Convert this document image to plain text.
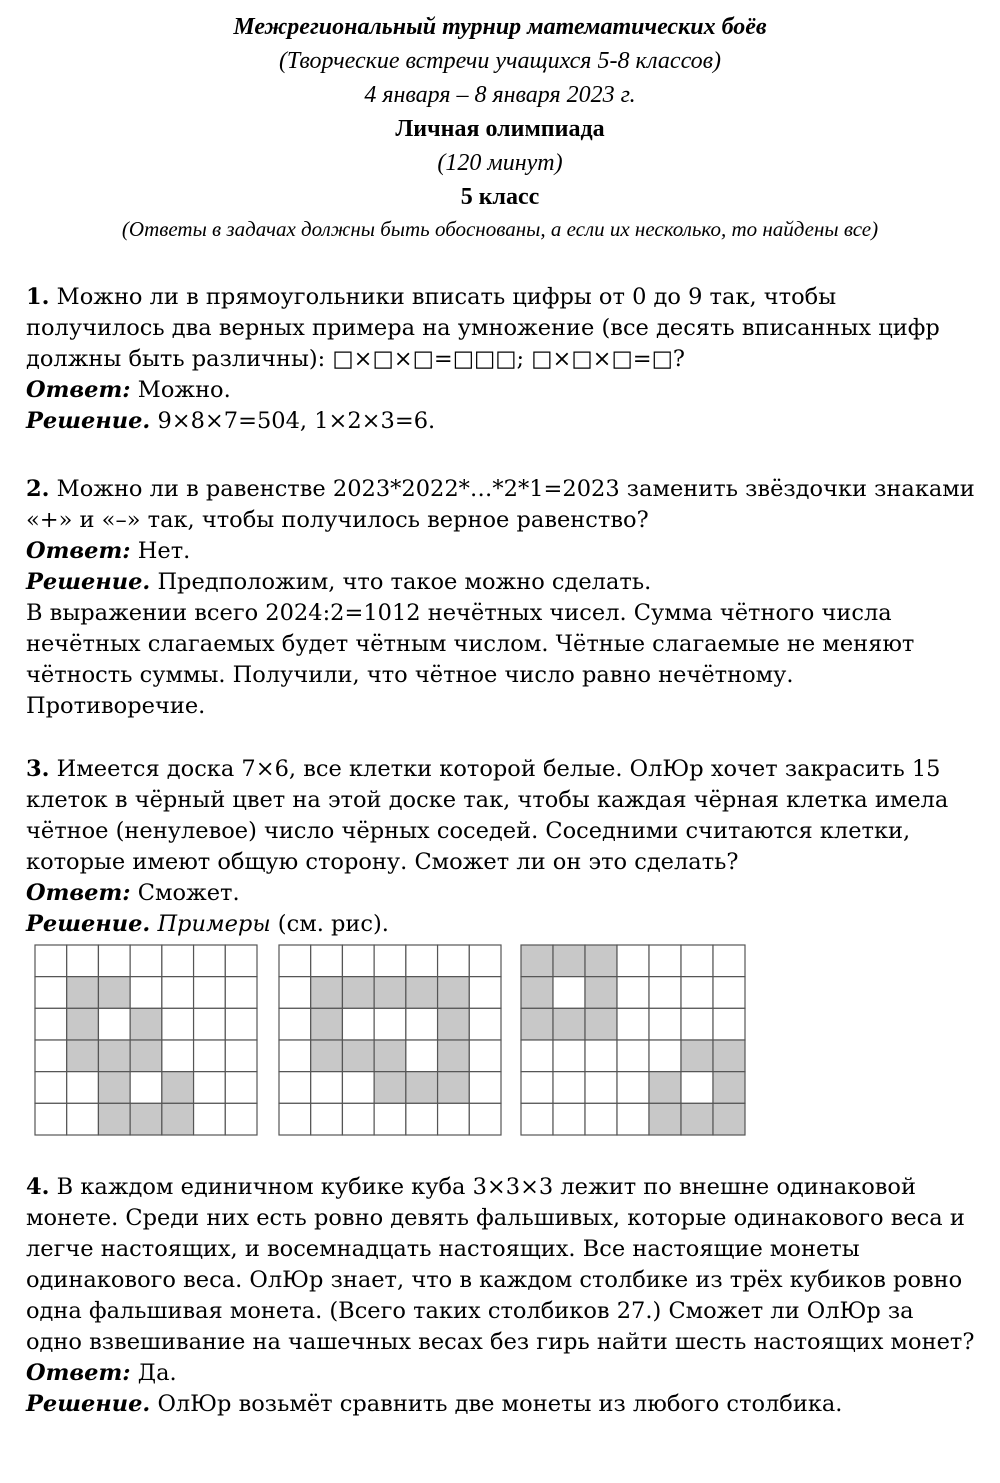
Межрегиональный турнир математических боёв
(Творческие встречи учащихся 5-8 классов)
4 января – 8 января 2023 г.
Личная олимпиада
(120 минут)
5 класс
(Ответы в задачах должны быть обоснованы, а если их несколько, то найдены все)

1. Можно ли в прямоугольники вписать цифры от 0 до 9 так, чтобы получилось два верных примера на умножение (все десять вписанных цифр должны быть различны): □×□×□=□□□; □×□×□=□?

Ответ: Можно.

Решение. 9×8×7=504, 1×2×3=6.

2. Можно ли в равенстве 2023*2022*…*2*1=2023 заменить звёздочки знаками «+» и «–» так, чтобы получилось верное равенство?

Ответ: Нет.

Решение. Предположим, что такое можно сделать.

В выражении всего 2024:2=1012 нечётных чисел. Сумма чётного числа нечётных слагаемых будет чётным числом. Чётные слагаемые не меняют чётность суммы. Получили, что чётное число равно нечётному. Противоречие.

3. Имеется доска 7×6, все клетки которой белые. ОлЮр хочет закрасить 15 клеток в чёрный цвет на этой доске так, чтобы каждая чёрная клетка имела чётное (ненулевое) число чёрных соседей. Соседними считаются клетки, которые имеют общую сторону. Сможет ли он это сделать?

Ответ: Сможет.

Решение. Примеры (см. рис).

4. В каждом единичном кубике куба 3×3×3 лежит по внешне одинаковой монете. Среди них есть ровно девять фальшивых, которые одинакового веса и легче настоящих, и восемнадцать настоящих. Все настоящие монеты одинакового веса. ОлЮр знает, что в каждом столбике из трёх кубиков ровно одна фальшивая монета. (Всего таких столбиков 27.) Сможет ли ОлЮр за одно взвешивание на чашечных весах без гирь найти шесть настоящих монет?

Ответ: Да.

Решение. ОлЮр возьмёт сравнить две монеты из любого столбика.
